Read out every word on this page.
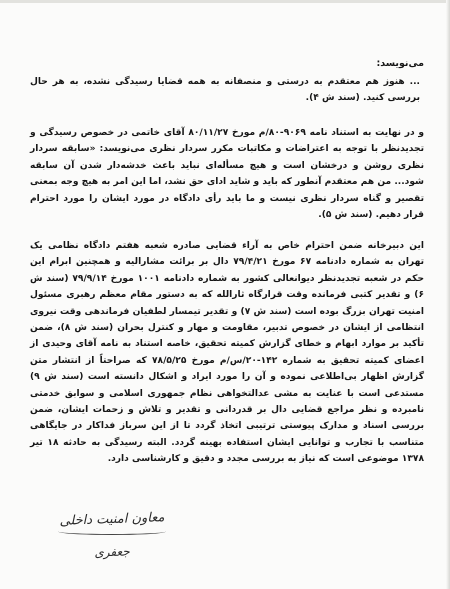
می‌نویسد:
... هنوز هم معتقدم به درستی و منصفانه به همه قضایا رسیدگی نشده، به هر حال بررسی کنید. (سند ش ۴).
و در نهایت به استناد نامه ۹۰۶۹-۸۰/م مورخ ۸۰/۱۱/۲۷ آقای خاتمی در خصوص رسیدگی و تجدیدنظر با توجه به اعتراضات و مکاتبات مکرر سردار نظری می‌نویسد: «سابقه سردار نظری روشن و درخشان است و هیچ مسأله‌ای نباید باعث خدشه‌دار شدن آن سابقه شود... من هم معتقدم آنطور که باید و شاید ادای حق نشد، اما این امر به هیچ وجه بمعنی تقصیر و گناه سردار نظری نیست و ما باید رأی دادگاه در مورد ایشان را مورد احترام قرار دهیم. (سند ش ۵).
این دبیرخانه ضمن احترام خاص به آراء قضایی صادره شعبه هفتم دادگاه نظامی یک تهران به شماره دادنامه ۶۷ مورخ ۷۹/۴/۲۱ دال بر برائت مشارالیه و همچنین ابرام این حکم در شعبه تجدیدنظر دیوانعالی کشور به شماره دادنامه ۱۰۰۱ مورخ ۷۹/۹/۱۴ (سند ش ۶) و تقدیر کتبی فرمانده وقت قرارگاه ثارالله که به دستور مقام معظم رهبری مسئول امنیت تهران بزرگ بوده است (سند ش ۷) و تقدیر تیمسار لطفیان فرماندهی وقت نیروی انتظامی از ایشان در خصوص تدبیر، مقاومت و مهار و کنترل بحران (سند ش ۸)، ضمن تأکید بر موارد ابهام و خطای گزارش کمیته تحقیق، خاصه استناد به نامه آقای وحیدی از اعضای کمیته تحقیق به شماره ۱۴۲-۲۰/س/م مورخ ۷۸/۵/۲۵ که صراحتاً از انتشار متن گزارش اظهار بی‌اطلاعی نموده و آن را مورد ایراد و اشکال دانسته است (سند ش ۹) مستدعی است با عنایت به مشی عدالتخواهی نظام جمهوری اسلامی و سوابق خدمتی نامبرده و نظر مراجع قضایی دال بر قدردانی و تقدیر و تلاش و زحمات ایشان، ضمن بررسی اسناد و مدارک پیوستی ترتیبی اتخاذ گردد تا از این سرباز فداکار در جایگاهی متناسب با تجارب و توانایی ایشان استفاده بهینه گردد. البته رسیدگی به حادثه ۱۸ تیر ۱۳۷۸ موضوعی است که نیاز به بررسی مجدد و دقیق و کارشناسی دارد.
معاون امنیت داخلی
جعفری
